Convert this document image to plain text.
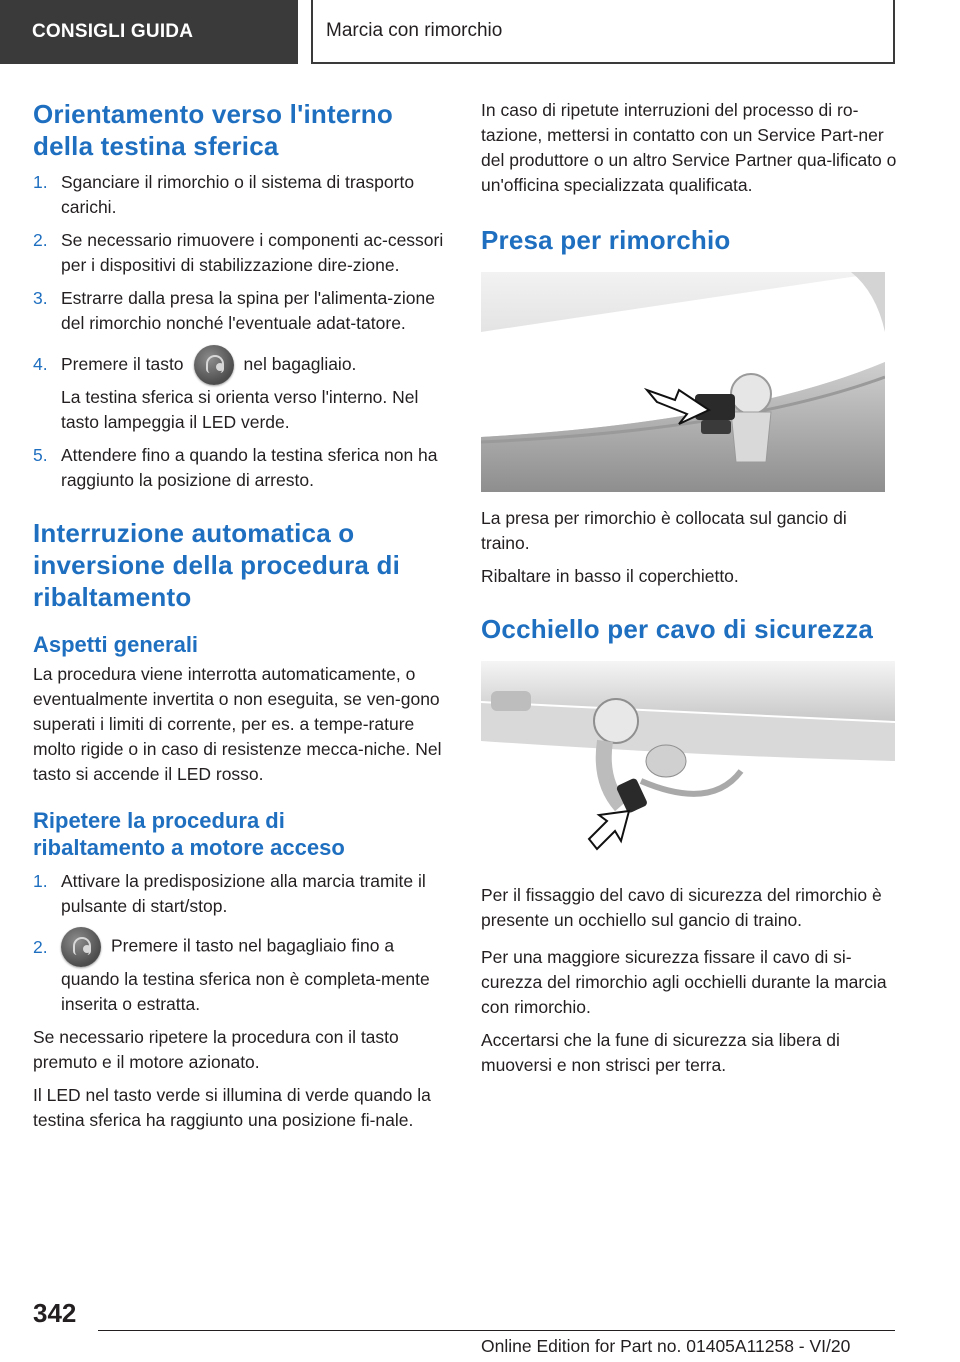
CONSIGLI GUIDA	Marcia con rimorchio
Orientamento verso l'interno della testina sferica
1. Sganciare il rimorchio o il sistema di trasporto carichi.
2. Se necessario rimuovere i componenti ac-cessori per i dispositivi di stabilizzazione dire-zione.
3. Estrarre dalla presa la spina per l'alimenta-zione del rimorchio nonché l'eventuale adat-tatore.
4. Premere il tasto	nel bagagliaio.
La testina sferica si orienta verso l'interno. Nel tasto lampeggia il LED verde.
5. Attendere fino a quando la testina sferica non ha raggiunto la posizione di arresto.
Interruzione automatica o inversione della procedura di ribaltamento
Aspetti generali

La procedura viene interrotta automaticamente, o eventualmente invertita o non eseguita, se ven-gono superati i limiti di corrente, per es. a tempe-rature molto rigide o in caso di resistenze mecca-niche. Nel tasto si accende il LED rosso.

Ripetere la procedura di ribaltamento a motore acceso
1. Attivare la predisposizione alla marcia tramite il pulsante di start/stop.
2.	Premere il tasto nel bagagliaio fino a quando la testina sferica non è completa-mente inserita o estratta.

Se necessario ripetere la procedura con il tasto premuto e il motore azionato.

Il LED nel tasto verde si illumina di verde quando la testina sferica ha raggiunto una posizione fi-nale.

In caso di ripetute interruzioni del processo di ro-tazione, mettersi in contatto con un Service Part-ner del produttore o un altro Service Partner qua-lificato o un'officina specializzata qualificata.

Presa per rimorchio

La presa per rimorchio è collocata sul gancio di traino.

Ribaltare in basso il coperchietto.

Occhiello per cavo di sicurezza

Per il fissaggio del cavo di sicurezza del rimorchio è presente un occhiello sul gancio di traino.

Per una maggiore sicurezza fissare il cavo di si-curezza del rimorchio agli occhielli durante la marcia con rimorchio.

Accertarsi che la fune di sicurezza sia libera di muoversi e non strisci per terra.

342
Online Edition for Part no. 01405A11258 - VI/20
